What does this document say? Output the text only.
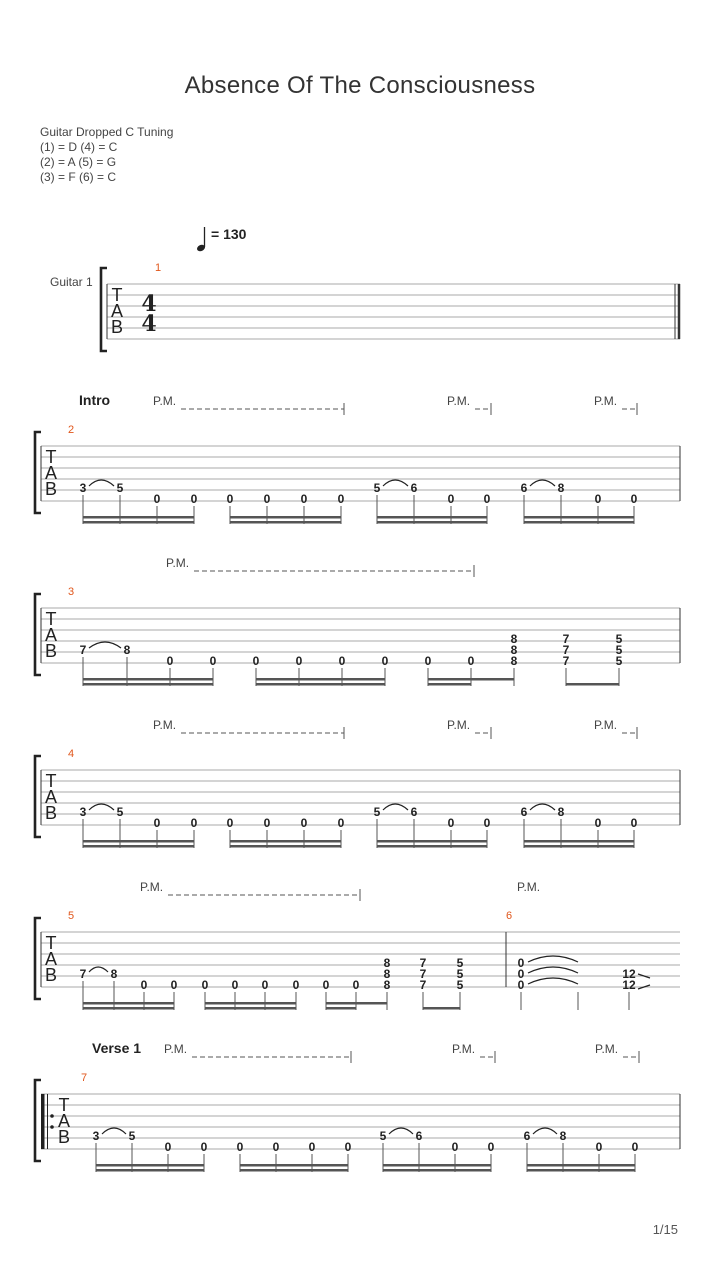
Absence Of The Consciousness
Guitar Dropped C Tuning
(1) = D (4) = C
(2) = A (5) = G
(3) = F (6) = C
= 130
Guitar 1
1
T
A
B
4
4
Intro	P.M.	P.M.	P.M.
2
T
A
B 3	5
0	0 0	0	0	0
5	6
0 0
6	8
0 0
P.M.
3
T
A
B 7	8
0	0	0	0	0	0	0	0
8
8
8
7
7
7
5
5
5
P.M.	P.M.	P.M.
4
T
A
B 3	5
0	0 0	0	0	0
5	6
0 0
6	8
0 0
P.M.	P.M.
5	6
T
A
B 7 8
0 0 0 0 0 0 0 0
8
8
8
7
7
7
5
5
5
0
0
0
12
12
Verse 1 P.M.	P.M.	P.M.
7
T
A
B 3 5
0 0 0 0 0 0
5 6
0 0
6 8
0 0
1/15
